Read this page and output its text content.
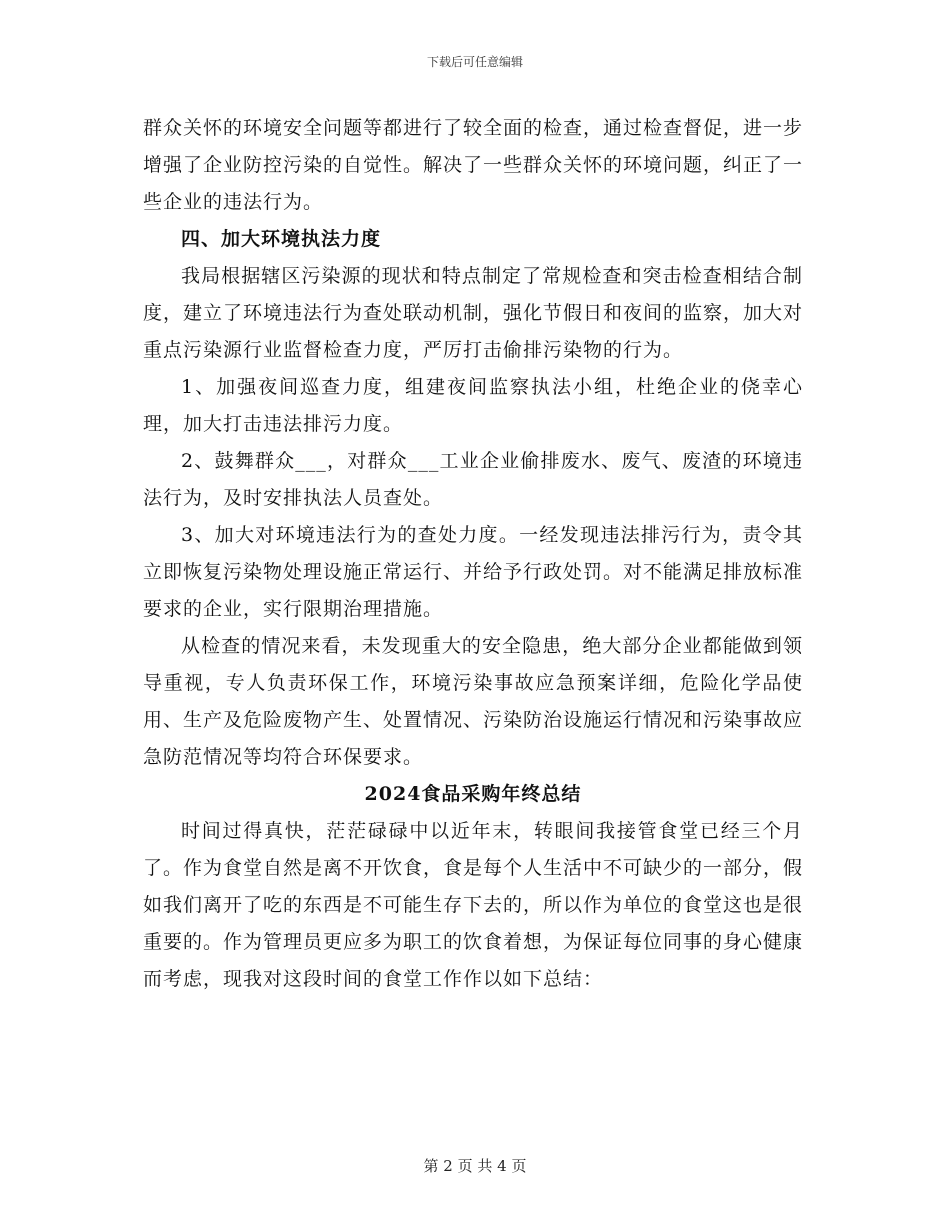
下载后可任意编辑

群众关怀的环境安全问题等都进行了较全面的检查，通过检查督促，进一步增强了企业防控污染的自觉性。解决了一些群众关怀的环境问题，纠正了一些企业的违法行为。

四、加大环境执法力度

我局根据辖区污染源的现状和特点制定了常规检查和突击检查相结合制度，建立了环境违法行为查处联动机制，强化节假日和夜间的监察，加大对重点污染源行业监督检查力度，严厉打击偷排污染物的行为。

1、加强夜间巡查力度，组建夜间监察执法小组，杜绝企业的侥幸心理，加大打击违法排污力度。

2、鼓舞群众___，对群众___工业企业偷排废水、废气、废渣的环境违法行为，及时安排执法人员查处。

3、加大对环境违法行为的查处力度。一经发现违法排污行为，责令其立即恢复污染物处理设施正常运行、并给予行政处罚。对不能满足排放标准要求的企业，实行限期治理措施。

从检查的情况来看，未发现重大的安全隐患，绝大部分企业都能做到领导重视，专人负责环保工作，环境污染事故应急预案详细，危险化学品使用、生产及危险废物产生、处置情况、污染防治设施运行情况和污染事故应急防范情况等均符合环保要求。

2024食品采购年终总结

时间过得真快，茫茫碌碌中以近年末，转眼间我接管食堂已经三个月了。作为食堂自然是离不开饮食，食是每个人生活中不可缺少的一部分，假如我们离开了吃的东西是不可能生存下去的，所以作为单位的食堂这也是很重要的。作为管理员更应多为职工的饮食着想，为保证每位同事的身心健康而考虑，现我对这段时间的食堂工作作以如下总结：

第 2 页 共 4 页
